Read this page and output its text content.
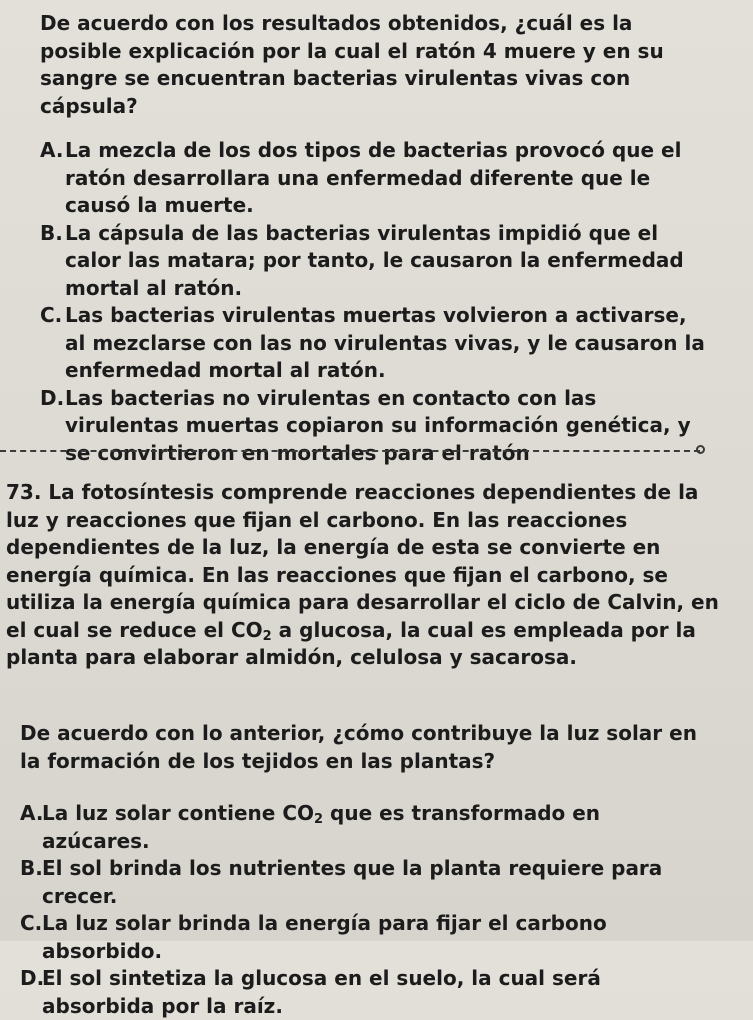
De acuerdo con los resultados obtenidos, ¿cuál es la posible explicación por la cual el ratón 4 muere y en su sangre se encuentran bacterias virulentas vivas con cápsula?

A. La mezcla de los dos tipos de bacterias provocó que el ratón desarrollara una enfermedad diferente que le causó la muerte.
B. La cápsula de las bacterias virulentas impidió que el calor las matara; por tanto, le causaron la enfermedad mortal al ratón.
C. Las bacterias virulentas muertas volvieron a activarse, al mezclarse con las no virulentas vivas, y le causaron la enfermedad mortal al ratón.
D. Las bacterias no virulentas en contacto con las virulentas muertas copiaron su información genética, y se convirtieron en mortales para el ratón

73. La fotosíntesis comprende reacciones dependientes de la luz y reacciones que fijan el carbono. En las reacciones dependientes de la luz, la energía de esta se convierte en energía química. En las reacciones que fijan el carbono, se utiliza la energía química para desarrollar el ciclo de Calvin, en el cual se reduce el $CO_2$ a glucosa, la cual es empleada por la planta para elaborar almidón, celulosa y sacarosa.

De acuerdo con lo anterior, ¿cómo contribuye la luz solar en la formación de los tejidos en las plantas?

A.
La luz solar contiene $CO_2$ que es transformado en azúcares.
B. El sol brinda los nutrientes que la planta requiere para crecer.
C. La luz solar brinda la energía para fijar el carbono absorbido.
D.
El sol sintetiza la glucosa en el suelo, la cual será absorbida por la raíz.
